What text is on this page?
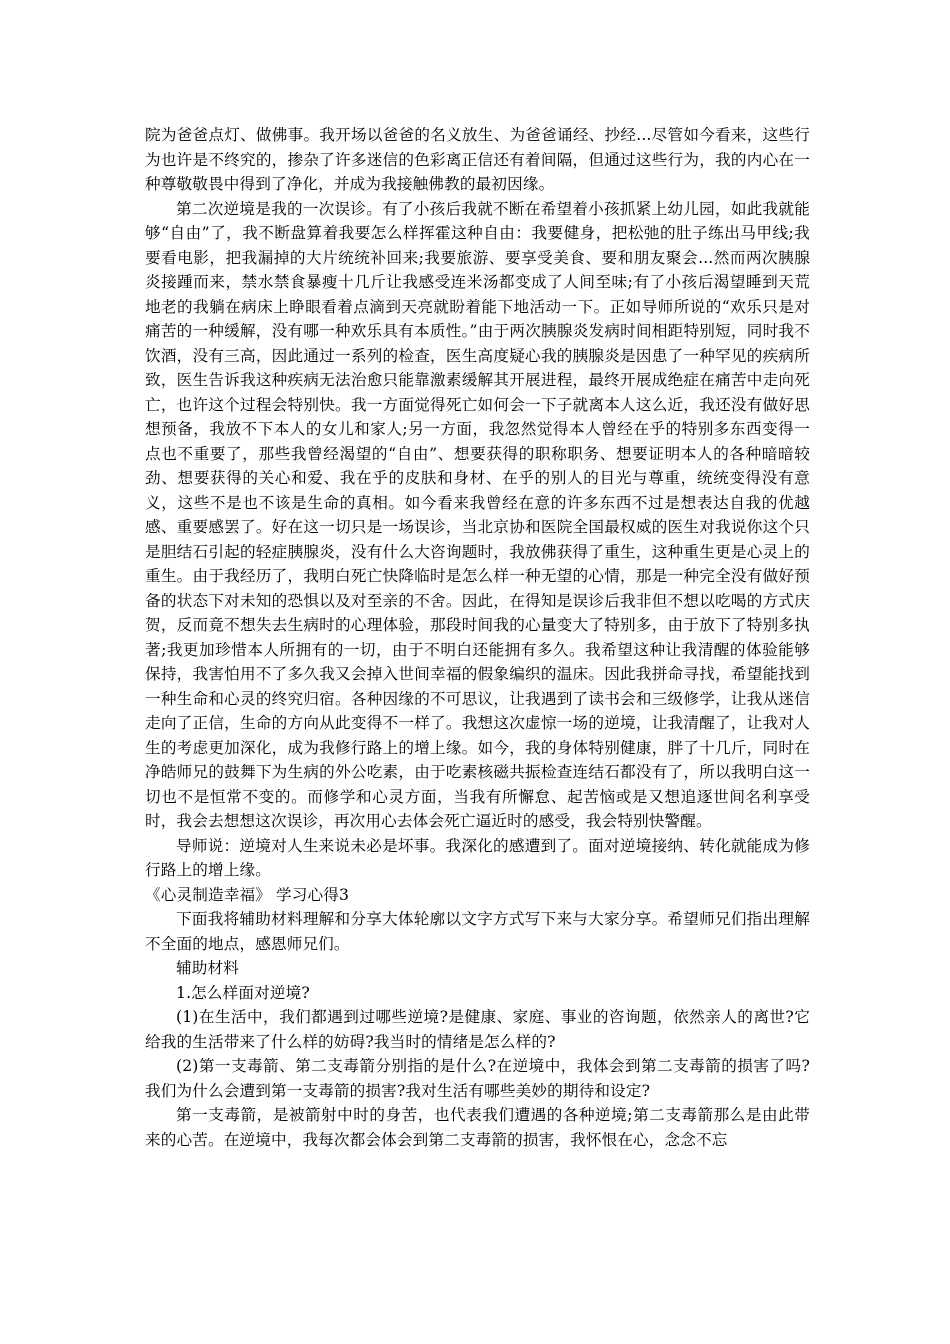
院为爸爸点灯、做佛事。我开场以爸爸的名义放生、为爸爸诵经、抄经...尽管如今看来，这些行为也许是不终究的，掺杂了许多迷信的色彩离正信还有着间隔，但通过这些行为，我的内心在一种尊敬敬畏中得到了净化，并成为我接触佛教的最初因缘。

第二次逆境是我的一次误诊。有了小孩后我就不断在希望着小孩抓紧上幼儿园，如此我就能够“自由”了，我不断盘算着我要怎么样挥霍这种自由：我要健身，把松弛的肚子练出马甲线;我要看电影，把我漏掉的大片统统补回来;我要旅游、要享受美食、要和朋友聚会...然而两次胰腺炎接踵而来，禁水禁食暴瘦十几斤让我感受连米汤都变成了人间至味;有了小孩后渴望睡到天荒地老的我躺在病床上睁眼看着点滴到天亮就盼着能下地活动一下。正如导师所说的“欢乐只是对痛苦的一种缓解，没有哪一种欢乐具有本质性。”由于两次胰腺炎发病时间相距特别短，同时我不饮酒，没有三高，因此通过一系列的检查，医生高度疑心我的胰腺炎是因患了一种罕见的疾病所致，医生告诉我这种疾病无法治愈只能靠激素缓解其开展进程，最终开展成绝症在痛苦中走向死亡，也许这个过程会特别快。我一方面觉得死亡如何会一下子就离本人这么近，我还没有做好思想预备，我放不下本人的女儿和家人;另一方面，我忽然觉得本人曾经在乎的特别多东西变得一点也不重要了，那些我曾经渴望的“自由”、想要获得的职称职务、想要证明本人的各种暗暗较劲、想要获得的关心和爱、我在乎的皮肤和身材、在乎的别人的目光与尊重，统统变得没有意义，这些不是也不该是生命的真相。如今看来我曾经在意的许多东西不过是想表达自我的优越感、重要感罢了。好在这一切只是一场误诊，当北京协和医院全国最权威的医生对我说你这个只是胆结石引起的轻症胰腺炎，没有什么大咨询题时，我放佛获得了重生，这种重生更是心灵上的重生。由于我经历了，我明白死亡快降临时是怎么样一种无望的心情，那是一种完全没有做好预备的状态下对未知的恐惧以及对至亲的不舍。因此，在得知是误诊后我非但不想以吃喝的方式庆贺，反而竟不想失去生病时的心理体验，那段时间我的心量变大了特别多，由于放下了特别多执著;我更加珍惜本人所拥有的一切，由于不明白还能拥有多久。我希望这种让我清醒的体验能够保持，我害怕用不了多久我又会掉入世间幸福的假象编织的温床。因此我拼命寻找，希望能找到一种生命和心灵的终究归宿。各种因缘的不可思议，让我遇到了读书会和三级修学，让我从迷信走向了正信，生命的方向从此变得不一样了。我想这次虚惊一场的逆境，让我清醒了，让我对人生的考虑更加深化，成为我修行路上的增上缘。如今，我的身体特别健康，胖了十几斤，同时在净皓师兄的鼓舞下为生病的外公吃素，由于吃素核磁共振检查连结石都没有了，所以我明白这一切也不是恒常不变的。而修学和心灵方面，当我有所懈怠、起苦恼或是又想追逐世间名利享受时，我会去想想这次误诊，再次用心去体会死亡逼近时的感受，我会特别快警醒。

导师说：逆境对人生来说未必是坏事。我深化的感遭到了。面对逆境接纳、转化就能成为修行路上的增上缘。

《心灵制造幸福》 学习心得3

下面我将辅助材料理解和分享大体轮廓以文字方式写下来与大家分享。希望师兄们指出理解不全面的地点，感恩师兄们。

辅助材料

1.怎么样面对逆境?

(1)在生活中，我们都遇到过哪些逆境?是健康、家庭、事业的咨询题，依然亲人的离世?它给我的生活带来了什么样的妨碍?我当时的情绪是怎么样的?

(2)第一支毒箭、第二支毒箭分别指的是什么?在逆境中，我体会到第二支毒箭的损害了吗?我们为什么会遭到第一支毒箭的损害?我对生活有哪些美妙的期待和设定?

第一支毒箭，是被箭射中时的身苦，也代表我们遭遇的各种逆境;第二支毒箭那么是由此带来的心苦。在逆境中，我每次都会体会到第二支毒箭的损害，我怀恨在心，念念不忘
